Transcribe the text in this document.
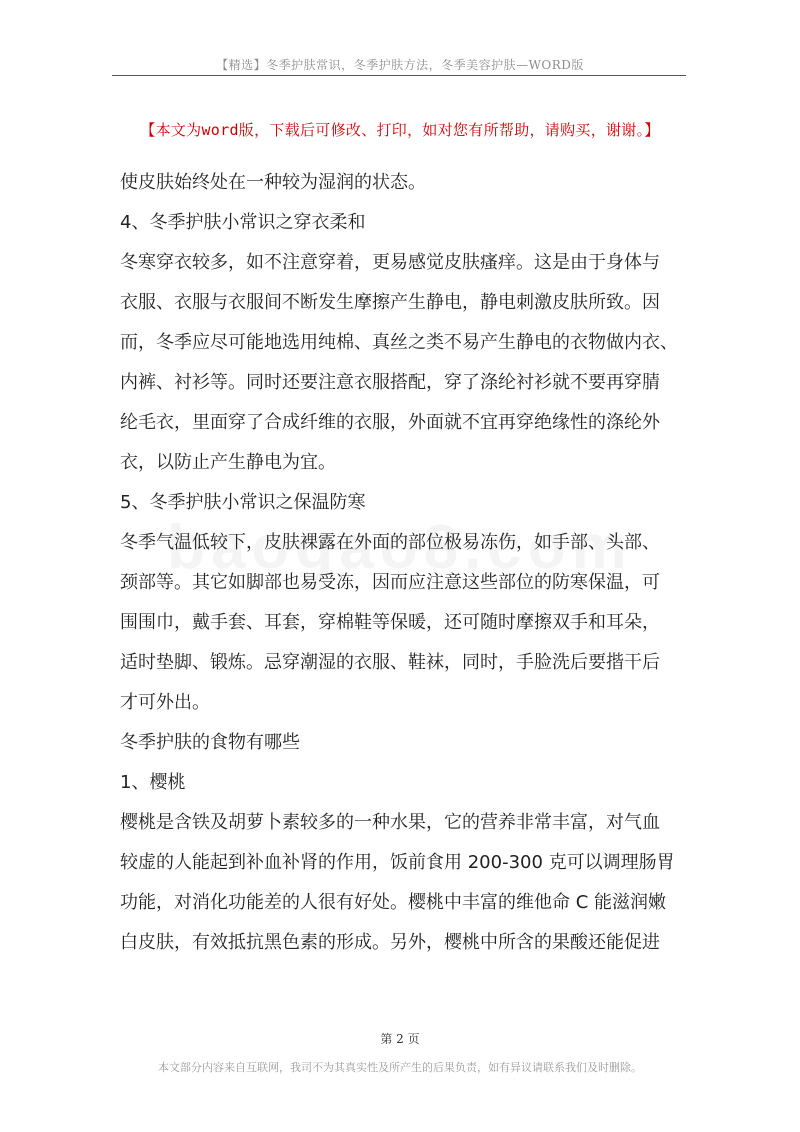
【精选】冬季护肤常识，冬季护肤方法，冬季美容护肤—WORD版
【本文为word版，下载后可修改、打印，如对您有所帮助，请购买，谢谢。】
使皮肤始终处在一种较为湿润的状态。
4、冬季护肤小常识之穿衣柔和
冬寒穿衣较多，如不注意穿着，更易感觉皮肤瘙痒。这是由于身体与
衣服、衣服与衣服间不断发生摩擦产生静电，静电刺激皮肤所致。因
而，冬季应尽可能地选用纯棉、真丝之类不易产生静电的衣物做内衣、
内裤、衬衫等。同时还要注意衣服搭配，穿了涤纶衬衫就不要再穿腈
纶毛衣，里面穿了合成纤维的衣服，外面就不宜再穿绝缘性的涤纶外
衣，以防止产生静电为宜。
5、冬季护肤小常识之保温防寒
冬季气温低较下，皮肤裸露在外面的部位极易冻伤，如手部、头部、
颈部等。其它如脚部也易受冻，因而应注意这些部位的防寒保温，可
围围巾，戴手套、耳套，穿棉鞋等保暖，还可随时摩擦双手和耳朵，
适时垫脚、锻炼。忌穿潮湿的衣服、鞋袜，同时，手脸洗后要揩干后
才可外出。
冬季护肤的食物有哪些
1、樱桃
樱桃是含铁及胡萝卜素较多的一种水果，它的营养非常丰富，对气血
较虚的人能起到补血补肾的作用，饭前食用 200-300 克可以调理肠胃
功能，对消化功能差的人很有好处。樱桃中丰富的维他命 C 能滋润嫩
白皮肤，有效抵抗黑色素的形成。另外，樱桃中所含的果酸还能促进
第 2 页
本文部分内容来自互联网，我司不为其真实性及所产生的后果负责，如有异议请联系我们及时删除。
